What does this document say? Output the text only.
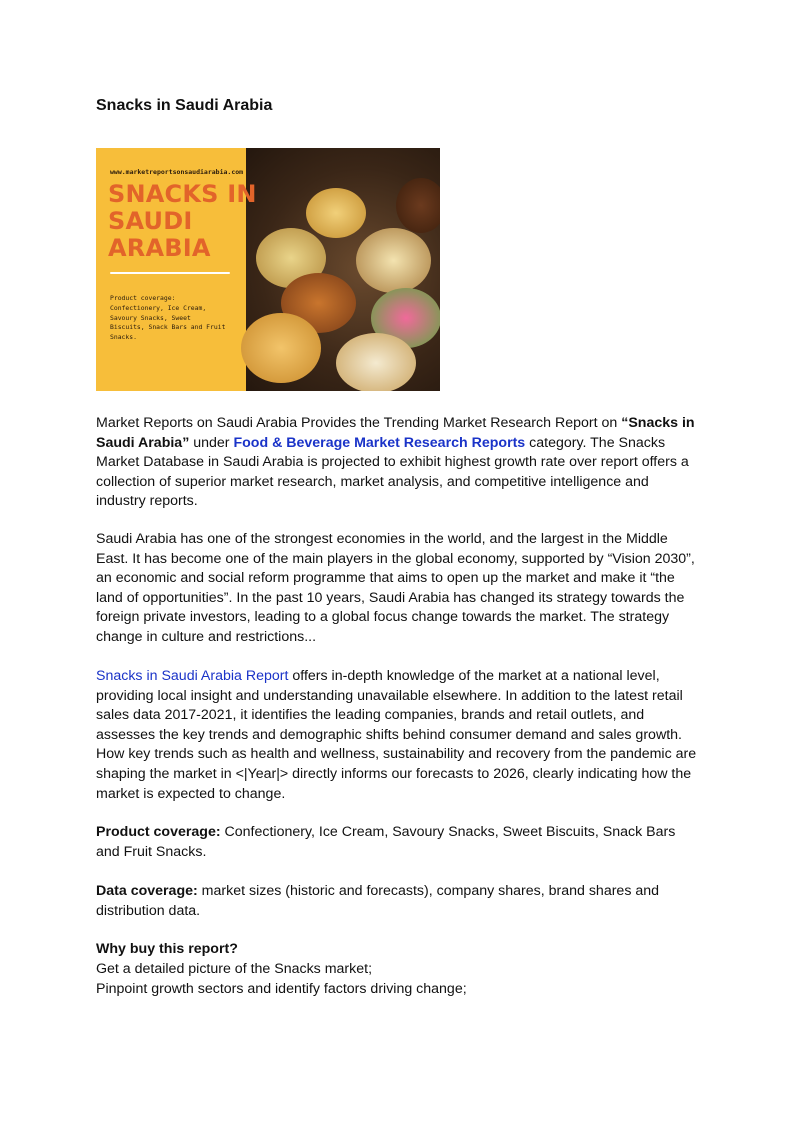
Snacks in Saudi Arabia
www.marketreportsonsaudiarabia.com
SNACKS IN SAUDI ARABIA
Product coverage:
Confectionery, Ice Cream,
Savoury Snacks, Sweet
Biscuits, Snack Bars and Fruit
Snacks.

Market Reports on Saudi Arabia Provides the Trending Market Research Report on “Snacks in Saudi Arabia” under Food & Beverage Market Research Reports category. The Snacks Market Database in Saudi Arabia is projected to exhibit highest growth rate over report offers a collection of superior market research, market analysis, and competitive intelligence and industry reports.

Saudi Arabia has one of the strongest economies in the world, and the largest in the Middle East. It has become one of the main players in the global economy, supported by “Vision 2030”, an economic and social reform programme that aims to open up the market and make it “the land of opportunities”. In the past 10 years, Saudi Arabia has changed its strategy towards the foreign private investors, leading to a global focus change towards the market. The strategy change in culture and restrictions...

Snacks in Saudi Arabia Report offers in-depth knowledge of the market at a national level, providing local insight and understanding unavailable elsewhere. In addition to the latest retail sales data 2017-2021, it identifies the leading companies, brands and retail outlets, and assesses the key trends and demographic shifts behind consumer demand and sales growth. How key trends such as health and wellness, sustainability and recovery from the pandemic are shaping the market in <|Year|> directly informs our forecasts to 2026, clearly indicating how the market is expected to change.

Product coverage: Confectionery, Ice Cream, Savoury Snacks, Sweet Biscuits, Snack Bars and Fruit Snacks.

Data coverage: market sizes (historic and forecasts), company shares, brand shares and distribution data.

Why buy this report?

Get a detailed picture of the Snacks market;

Pinpoint growth sectors and identify factors driving change;
